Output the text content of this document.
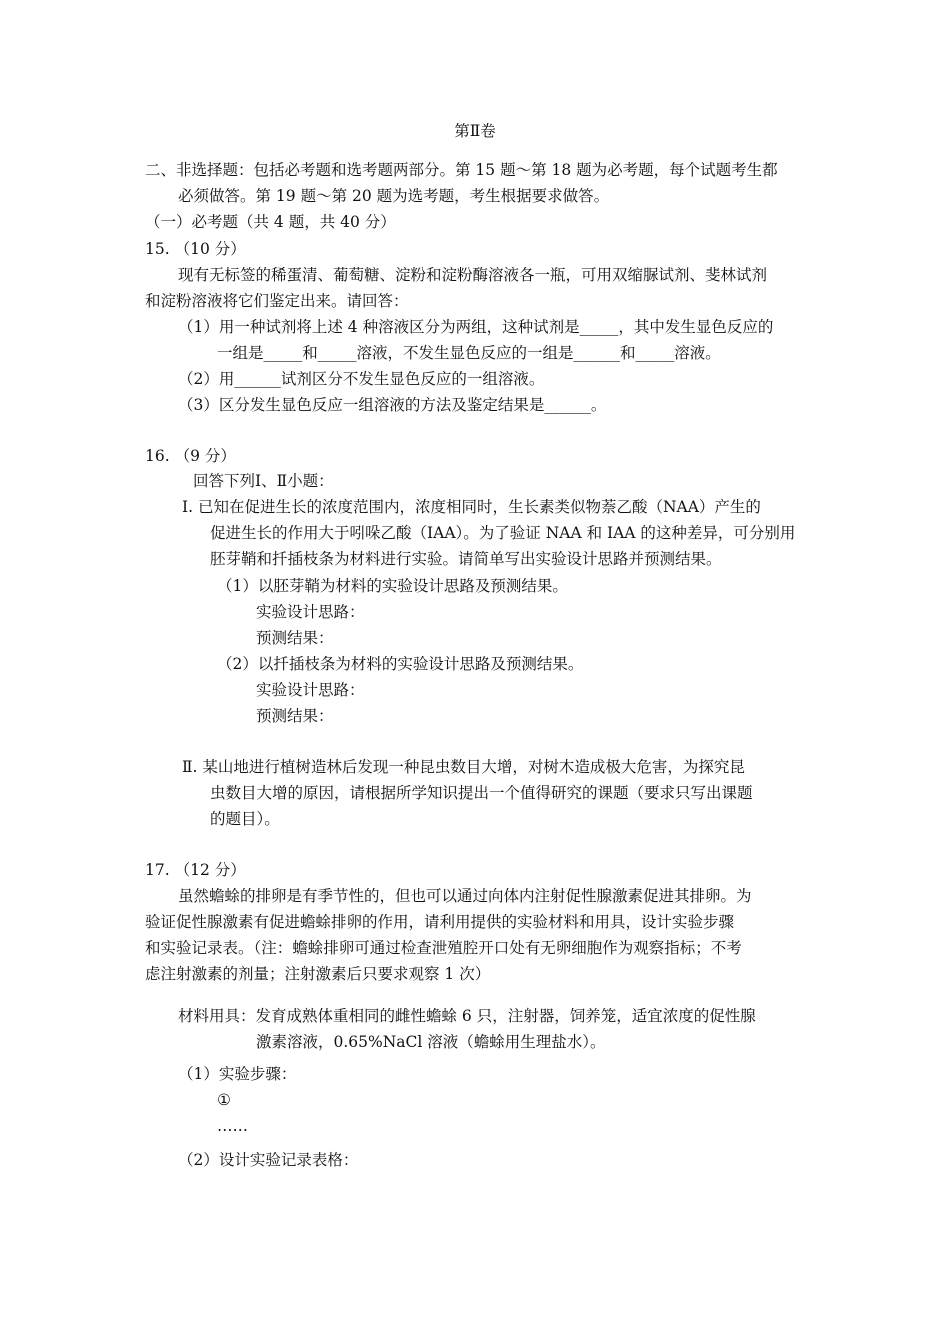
第Ⅱ卷
二、非选择题：包括必考题和选考题两部分。第 15 题～第 18 题为必考题，每个试题考生都
必须做答。第 19 题～第 20 题为选考题，考生根据要求做答。
（一）必考题（共 4 题，共 40 分）
15. （10 分）
现有无标签的稀蛋清、葡萄糖、淀粉和淀粉酶溶液各一瓶，可用双缩脲试剂、斐林试剂
和淀粉溶液将它们鉴定出来。请回答：
（1）用一种试剂将上述 4 种溶液区分为两组，这种试剂是_____，其中发生显色反应的
一组是_____和_____溶液，不发生显色反应的一组是______和_____溶液。
（2）用______试剂区分不发生显色反应的一组溶液。
（3）区分发生显色反应一组溶液的方法及鉴定结果是______。
16. （9 分）
回答下列Ⅰ、Ⅱ小题：
Ⅰ. 已知在促进生长的浓度范围内，浓度相同时，生长素类似物萘乙酸（NAA）产生的
促进生长的作用大于吲哚乙酸（IAA）。为了验证 NAA 和 IAA 的这种差异，可分别用
胚芽鞘和扦插枝条为材料进行实验。请简单写出实验设计思路并预测结果。
（1）以胚芽鞘为材料的实验设计思路及预测结果。
实验设计思路：
预测结果：
（2）以扦插枝条为材料的实验设计思路及预测结果。
实验设计思路：
预测结果：
Ⅱ. 某山地进行植树造林后发现一种昆虫数目大增，对树木造成极大危害，为探究昆
虫数目大增的原因，请根据所学知识提出一个值得研究的课题（要求只写出课题
的题目）。
17. （12 分）
虽然蟾蜍的排卵是有季节性的，但也可以通过向体内注射促性腺激素促进其排卵。为
验证促性腺激素有促进蟾蜍排卵的作用，请利用提供的实验材料和用具，设计实验步骤
和实验记录表。（注：蟾蜍排卵可通过检查泄殖腔开口处有无卵细胞作为观察指标；不考
虑注射激素的剂量；注射激素后只要求观察 1 次）
材料用具：发育成熟体重相同的雌性蟾蜍 6 只，注射器，饲养笼，适宜浓度的促性腺
激素溶液，0.65%NaCl 溶液（蟾蜍用生理盐水）。
（1）实验步骤：
①
……
（2）设计实验记录表格：
